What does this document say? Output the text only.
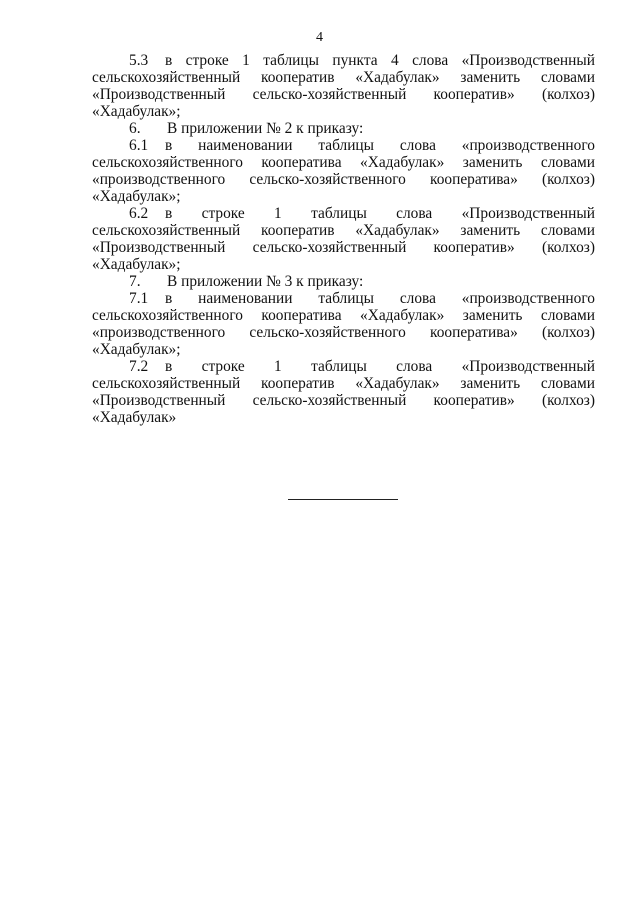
4

5.3 в строке 1 таблицы пункта 4 слова «Производственный сельскохозяйственный кооператив «Хадабулак» заменить словами «Производственный сельско-хозяйственный кооператив» (колхоз) «Хадабулак»;

6. В приложении № 2 к приказу:

6.1 в наименовании таблицы слова «производственного сельскохозяйственного кооператива «Хадабулак» заменить словами «производственного сельско-хозяйственного кооператива» (колхоз) «Хадабулак»;

6.2 в строке 1 таблицы слова «Производственный сельскохозяйственный кооператив «Хадабулак» заменить словами «Производственный сельско-хозяйственный кооператив» (колхоз) «Хадабулак»;

7. В приложении № 3 к приказу:

7.1 в наименовании таблицы слова «производственного сельскохозяйственного кооператива «Хадабулак» заменить словами «производственного сельско-хозяйственного кооператива» (колхоз) «Хадабулак»;

7.2 в строке 1 таблицы слова «Производственный сельскохозяйственный кооператив «Хадабулак» заменить словами «Производственный сельско-хозяйственный кооператив» (колхоз) «Хадабулак»
